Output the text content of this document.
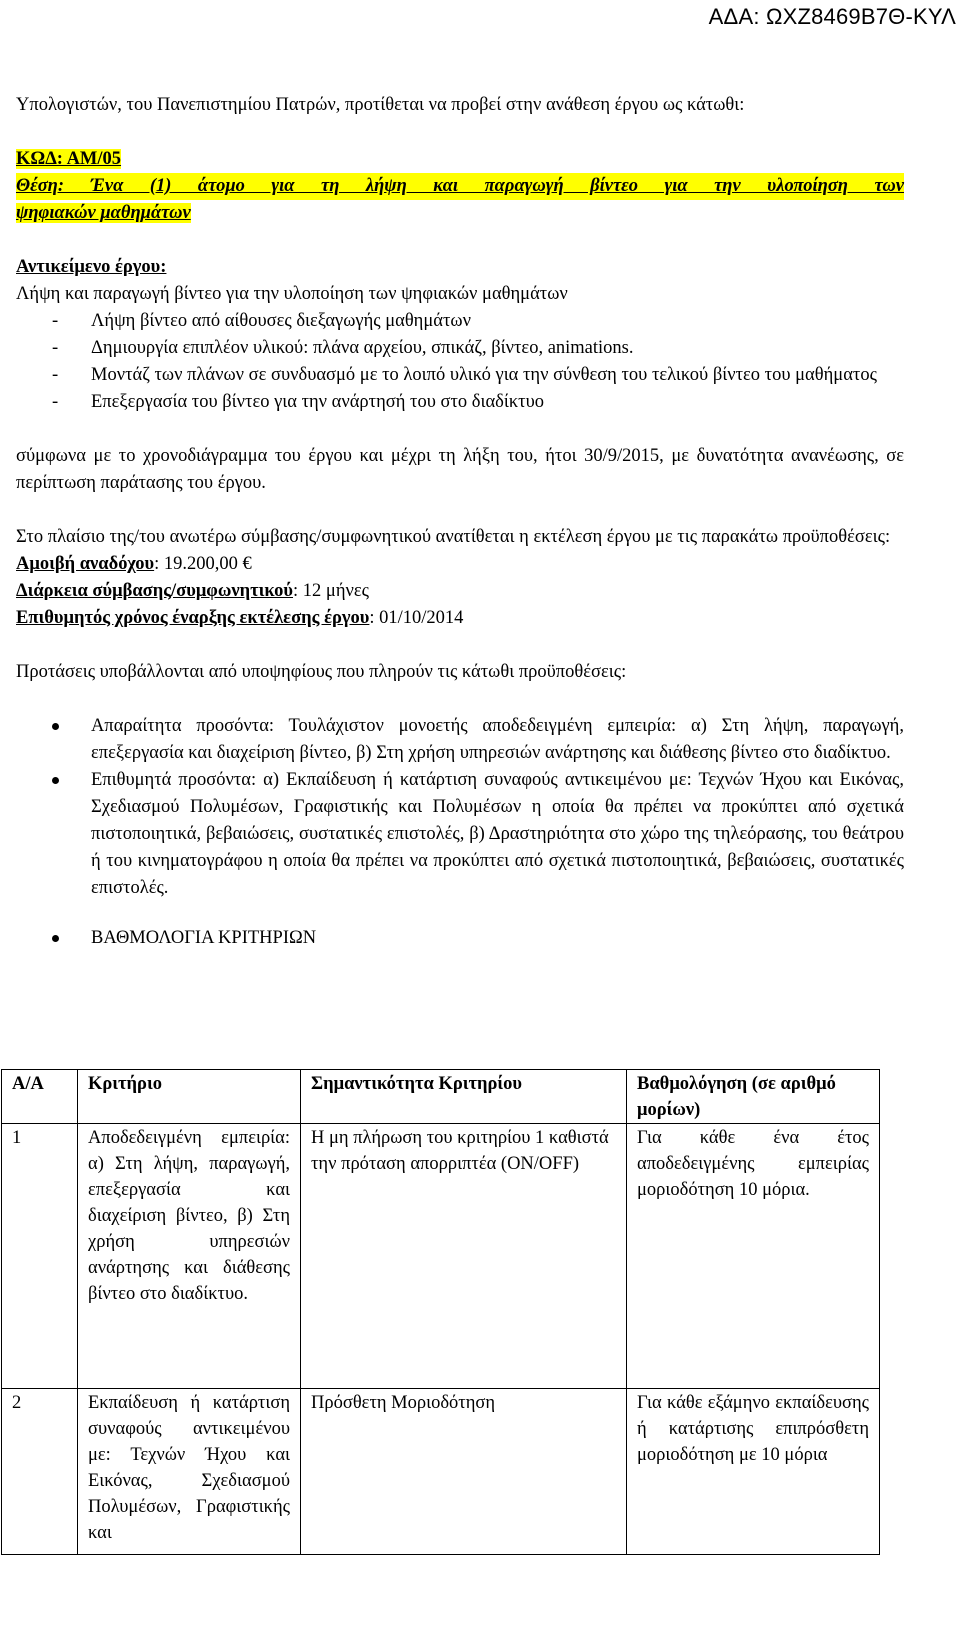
ΑΔΑ: ΩΧΖ8469Β7Θ-ΚΥΛ

Υπολογιστών, του Πανεπιστημίου Πατρών, προτίθεται να προβεί στην ανάθεση έργου ως κάτωθι:

ΚΩΔ: ΑΜ/05
Θέση: Ένα (1) άτομο για τη λήψη και παραγωγή βίντεο για την υλοποίηση των
ψηφιακών μαθημάτων

Αντικείμενο έργου:

Λήψη και παραγωγή βίντεο για την υλοποίηση των ψηφιακών μαθημάτων

- Λήψη βίντεο από αίθουσες διεξαγωγής μαθημάτων
- Δημιουργία επιπλέον υλικού: πλάνα αρχείου, σπικάζ, βίντεο, animations.
- Μοντάζ των πλάνων σε συνδυασμό με το λοιπό υλικό για την σύνθεση του τελικού βίντεο του μαθήματος
- Επεξεργασία του βίντεο για την ανάρτησή του στο διαδίκτυο

σύμφωνα με το χρονοδιάγραμμα του έργου και μέχρι τη λήξη του, ήτοι 30/9/2015, με δυνατότητα ανανέωσης, σε περίπτωση παράτασης του έργου.

Στο πλαίσιο της/του ανωτέρω σύμβασης/συμφωνητικού ανατίθεται η εκτέλεση έργου με τις παρακάτω προϋποθέσεις:

Αμοιβή αναδόχου: 19.200,00 €

Διάρκεια σύμβασης/συμφωνητικού: 12 μήνες

Επιθυμητός χρόνος έναρξης εκτέλεσης έργου: 01/10/2014

Προτάσεις υποβάλλονται από υποψηφίους που πληρούν τις κάτωθι προϋποθέσεις:

Απαραίτητα προσόντα: Τουλάχιστον μονοετής αποδεδειγμένη εμπειρία: α) Στη λήψη, παραγωγή, επεξεργασία και διαχείριση βίντεο, β) Στη χρήση υπηρεσιών ανάρτησης και διάθεσης βίντεο στο διαδίκτυο.
Επιθυμητά προσόντα: α) Εκπαίδευση ή κατάρτιση συναφούς αντικειμένου με: Τεχνών Ήχου και Εικόνας, Σχεδιασμού Πολυμέσων, Γραφιστικής και Πολυμέσων η οποία θα πρέπει να προκύπτει από σχετικά πιστοποιητικά, βεβαιώσεις, συστατικές επιστολές, β) Δραστηριότητα στο χώρο της τηλεόρασης, του θεάτρου ή του κινηματογράφου η οποία θα πρέπει να προκύπτει από σχετικά πιστοποιητικά, βεβαιώσεις, συστατικές επιστολές.
ΒΑΘΜΟΛΟΓΙΑ ΚΡΙΤΗΡΙΩΝ
Α/Α	Κριτήριο	Σημαντικότητα Κριτηρίου	Βαθμολόγηση (σε αριθμό μορίων)
1	Αποδεδειγμένη εμπειρία: α) Στη λήψη, παραγωγή, επεξεργασία και διαχείριση βίντεο, β) Στη χρήση υπηρεσιών ανάρτησης και διάθεσης βίντεο στο διαδίκτυο.	Η μη πλήρωση του κριτηρίου 1 καθιστά την πρόταση απορριπτέα (ON/OFF)	Για κάθε ένα έτος αποδεδειγμένης εμπειρίας μοριοδότηση 10 μόρια.
2	Εκπαίδευση ή κατάρτιση συναφούς αντικειμένου με: Τεχνών Ήχου και Εικόνας, Σχεδιασμού Πολυμέσων, Γραφιστικής και	Πρόσθετη Μοριοδότηση	Για κάθε εξάμηνο εκπαίδευσης ή κατάρτισης επιπρόσθετη μοριοδότηση με 10 μόρια
